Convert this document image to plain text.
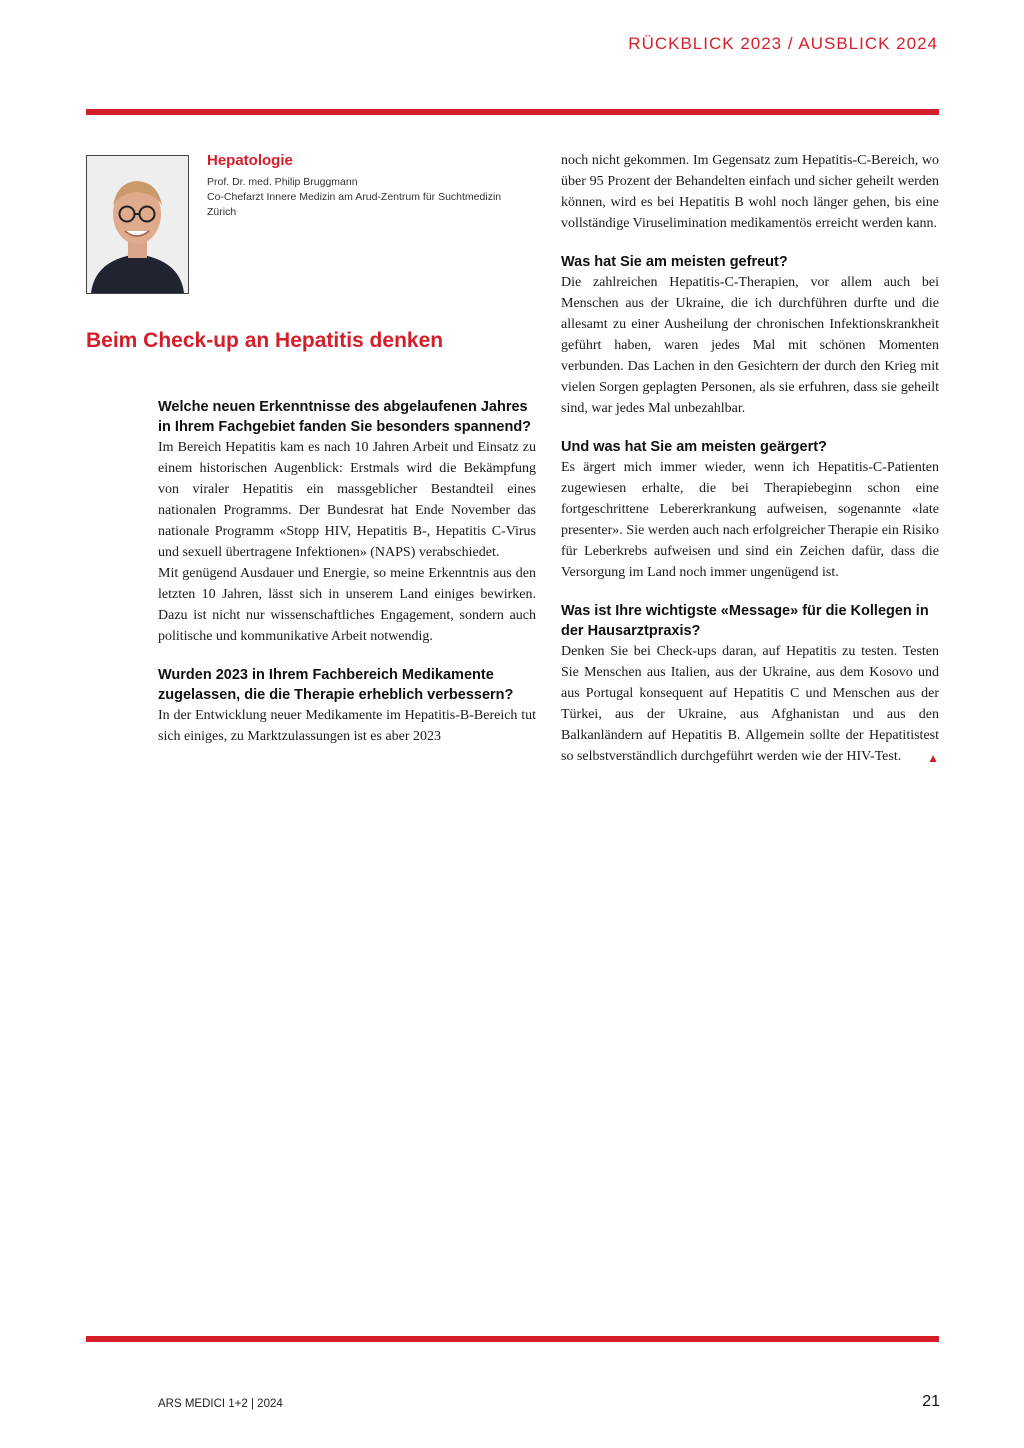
RÜCKBLICK 2023 / AUSBLICK 2024

Hepatologie

Prof. Dr. med. Philip Bruggmann
Co-Chefarzt Innere Medizin am Arud-Zentrum für Suchtmedizin
Zürich
Beim Check-up an Hepatitis denken

Welche neuen Erkenntnisse des abgelaufenen Jahres in Ihrem Fachgebiet fanden Sie besonders spannend?

Im Bereich Hepatitis kam es nach 10 Jahren Arbeit und Einsatz zu einem historischen Augenblick: Erstmals wird die Bekämpfung von viraler Hepatitis ein massgeblicher Bestandteil eines nationalen Programms. Der Bundesrat hat Ende November das nationale Programm «Stopp HIV, Hepatitis B-, Hepatitis C-Virus und sexuell übertragene Infektionen» (NAPS) verabschiedet.

Mit genügend Ausdauer und Energie, so meine Erkenntnis aus den letzten 10 Jahren, lässt sich in unserem Land einiges bewirken. Dazu ist nicht nur wissenschaftliches Engagement, sondern auch politische und kommunikative Arbeit notwendig.

Wurden 2023 in Ihrem Fachbereich Medikamente zugelassen, die die Therapie erheblich verbessern?

In der Entwicklung neuer Medikamente im Hepatitis-B-Bereich tut sich einiges, zu Marktzulassungen ist es aber 2023

noch nicht gekommen. Im Gegensatz zum Hepatitis-C-Bereich, wo über 95 Prozent der Behandelten einfach und sicher geheilt werden können, wird es bei Hepatitis B wohl noch länger gehen, bis eine vollständige Viruselimination medikamentös erreicht werden kann.

Was hat Sie am meisten gefreut?

Die zahlreichen Hepatitis-C-Therapien, vor allem auch bei Menschen aus der Ukraine, die ich durchführen durfte und die allesamt zu einer Ausheilung der chronischen Infektionskrankheit geführt haben, waren jedes Mal mit schönen Momenten verbunden. Das Lachen in den Gesichtern der durch den Krieg mit vielen Sorgen geplagten Personen, als sie erfuhren, dass sie geheilt sind, war jedes Mal unbezahlbar.

Und was hat Sie am meisten geärgert?

Es ärgert mich immer wieder, wenn ich Hepatitis-C-Patienten zugewiesen erhalte, die bei Therapiebeginn schon eine fortgeschrittene Lebererkrankung aufweisen, sogenannte «late presenter». Sie werden auch nach erfolgreicher Therapie ein Risiko für Leberkrebs aufweisen und sind ein Zeichen dafür, dass die Versorgung im Land noch immer ungenügend ist.

Was ist Ihre wichtigste «Message» für die Kollegen in der Hausarztpraxis?

Denken Sie bei Check-ups daran, auf Hepatitis zu testen. Testen Sie Menschen aus Italien, aus der Ukraine, aus dem Kosovo und aus Portugal konsequent auf Hepatitis C und Menschen aus der Türkei, aus der Ukraine, aus Afghanistan und aus den Balkanländern auf Hepatitis B. Allgemein sollte der Hepatitistest so selbstverständlich durchgeführt werden wie der HIV-Test. ▲

ARS MEDICI 1+2 | 2024	21
